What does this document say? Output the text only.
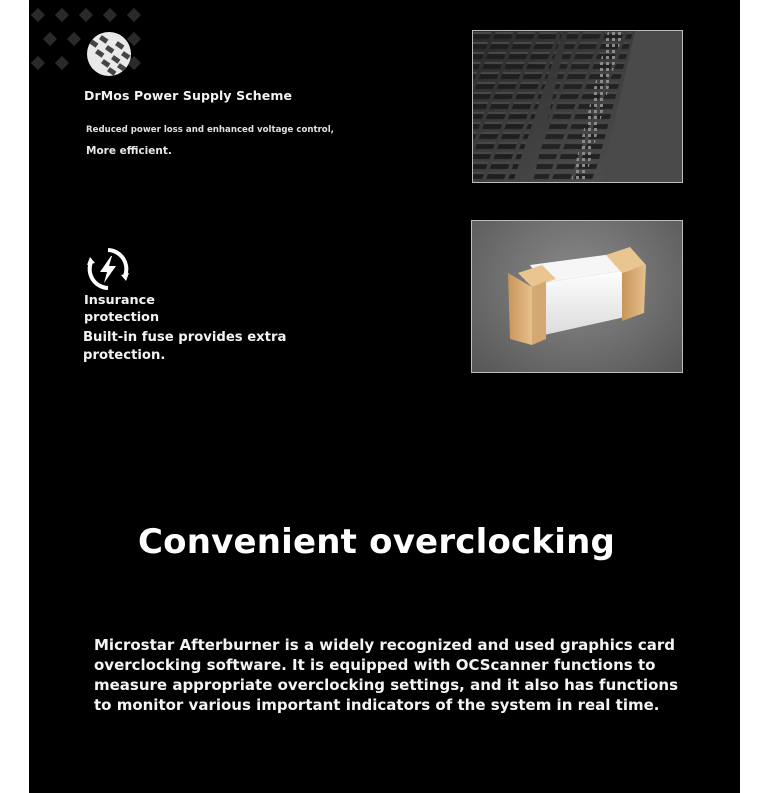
DrMos Power Supply Scheme
Reduced power loss and enhanced voltage control,
More efficient.
Insurance protection
Built-in fuse provides extra protection.
Convenient overclocking
Microstar Afterburner is a widely recognized and used graphics card overclocking software. It is equipped with OCScanner functions to measure appropriate overclocking settings, and it also has functions to monitor various important indicators of the system in real time.
